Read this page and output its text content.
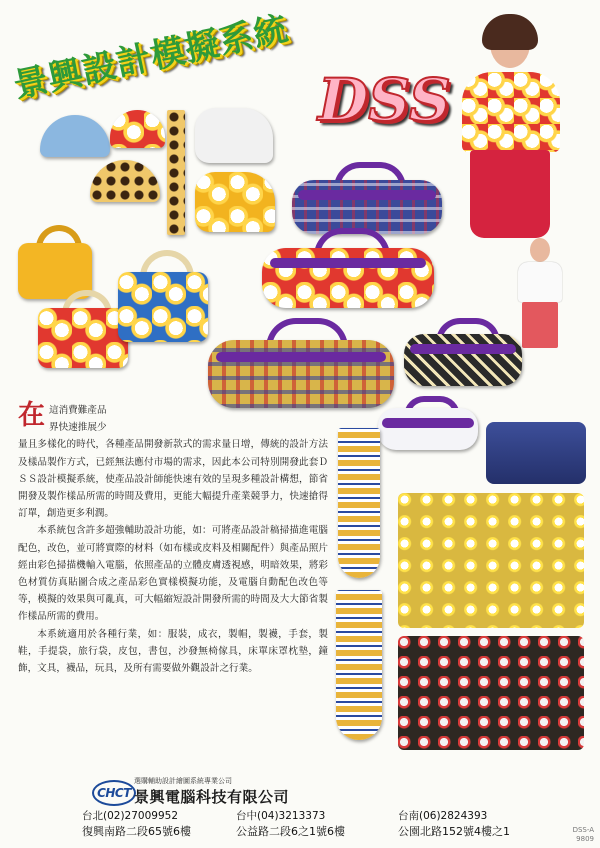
景興設計模擬系統 DSS
在 這消費難產品
界快速推展少

量且多樣化的時代，各種產品開發新款式的需求量日增，傳統的設計方法及樣品製作方式，已經無法應付市場的需求，因此本公司特別開發此套ＤＳＳ設計模擬系統，使產品設計師能快速有效的呈現多種設計構想，節省開發及製作樣品所需的時間及費用，更能大幅提升產業競爭力，快速搶得訂單，創造更多利潤。

本系統包含許多超強輔助設計功能，如：可將產品設計稿掃描進電腦配色，改色，並可將實際的材料（如布樣或皮料及相關配件）與產品照片經由彩色掃描機輸入電腦，依照產品的立體皮膚透視感，明暗效果，將彩色材質仿真貼圖合成之產品彩色實樣模擬功能，及電腦自動配色改色等等，模擬的效果與可亂真，可大幅縮短設計開發所需的時間及大大節省製作樣品所需的費用。

本系統適用於各種行業，如：服裝，成衣，製帽，製襪，手套，製鞋，手提袋，旅行袋，皮包，書包，沙發無椅傢具，床單床罩枕墊，鐘飾，文具，襪品，玩具，及所有需要做外觀設計之行業。

CHCT
選購輔助設計繪圖系統專業公司
景興電腦科技有限公司
台北(02)27009952
復興南路二段65號6樓
台中(04)3213373
公益路二段6之1號6樓
台南(06)2824393
公園北路152號4樓之1	DSS-A
9809
